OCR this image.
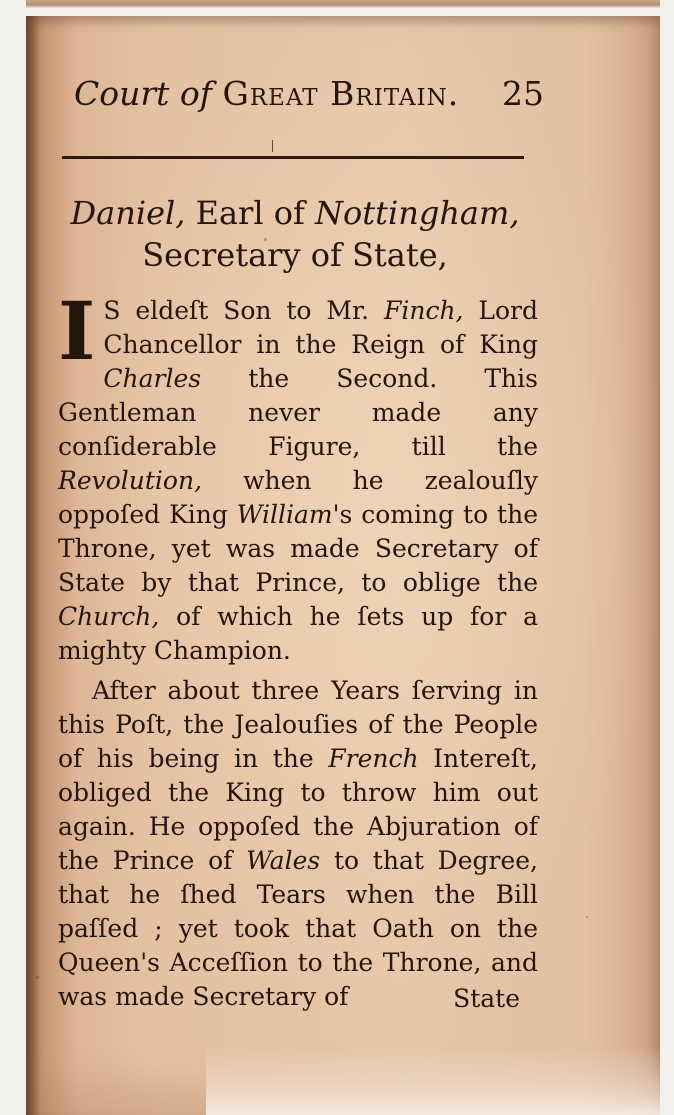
Court of Great Britain. 25
Daniel, Earl of Nottingham, Secretary of State,
I S eldeſt Son to Mr. Finch, Lord Chancellor in the Reign of King Charles the Second. This Gentleman never made any conſiderable Figure, till the Revolution, when he zealouſly oppoſed King William's coming to the Throne, yet was made Secretary of State by that Prince, to oblige the Church, of which he ſets up for a mighty Champion.
After about three Years ſerving in this Poſt, the Jealouſies of the People of his being in the French Intereſt, obliged the King to throw him out again. He oppoſed the Abjuration of the Prince of Wales to that Degree, that he ſhed Tears when the Bill paſſed ; yet took that Oath on the Queen's Acceſſion to the Throne, and was made Secretary of	State
